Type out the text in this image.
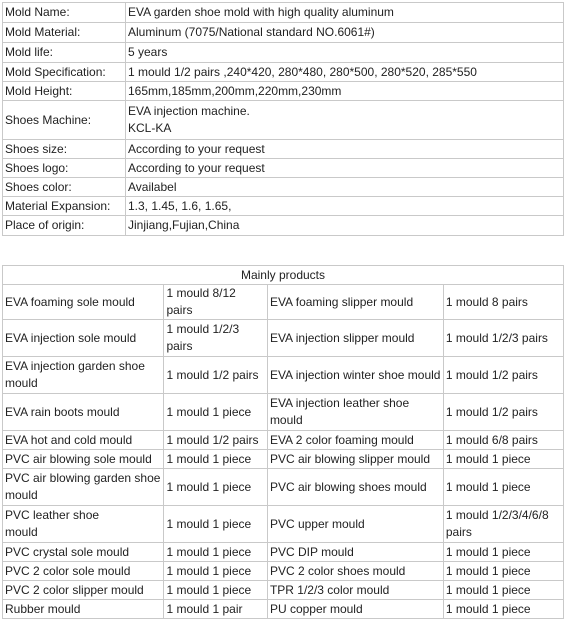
Mold Name:	EVA garden shoe mold with high quality aluminum

Mold Material:	Aluminum (7075/National standard NO.6061#)

Mold life:	5 years

Mold Specification:	1 mould 1/2 pairs ,240*420, 280*480, 280*500, 280*520, 285*550

Mold Height:	165mm,185mm,200mm,220mm,230mm

Shoes Machine:	EVA injection machine.
KCL-KA

Shoes size:	According to your request

Shoes logo:	According to your request

Shoes color:	Availabel

Material Expansion:	1.3, 1.45, 1.6, 1.65,

Place of origin:	Jinjiang,Fujian,China
Mainly products			

EVA foaming sole mould	1 mould 8/12 pairs	EVA foaming slipper mould	1 mould 8 pairs

EVA injection sole mould	1 mould 1/2/3
pairs	EVA injection slipper mould	1 mould 1/2/3 pairs

EVA injection garden shoe
mould	1 mould 1/2 pairs	EVA injection winter shoe mould	1 mould 1/2 pairs

EVA rain boots mould	1 mould 1 piece	EVA injection leather shoe
mould	1 mould 1/2 pairs

EVA hot and cold mould	1 mould 1/2 pairs	EVA 2 color foaming mould	1 mould 6/8 pairs

PVC air blowing sole mould	1 mould 1 piece	PVC air blowing slipper mould	1 mould 1 piece

PVC air blowing garden shoe
mould	1 mould 1 piece	PVC air blowing shoes mould	1 mould 1 piece

PVC leather shoe
mould	1 mould 1 piece	PVC upper mould	1 mould 1/2/3/4/6/8
pairs

PVC crystal sole mould	1 mould 1 piece	PVC DIP mould	1 mould 1 piece

PVC 2 color sole mould	1 mould 1 piece	PVC 2 color shoes mould	1 mould 1 piece

PVC 2 color slipper mould	1 mould 1 piece	TPR 1/2/3 color mould	1 mould 1 piece

Rubber mould	1 mould 1 pair	PU copper mould	1 mould 1 piece
